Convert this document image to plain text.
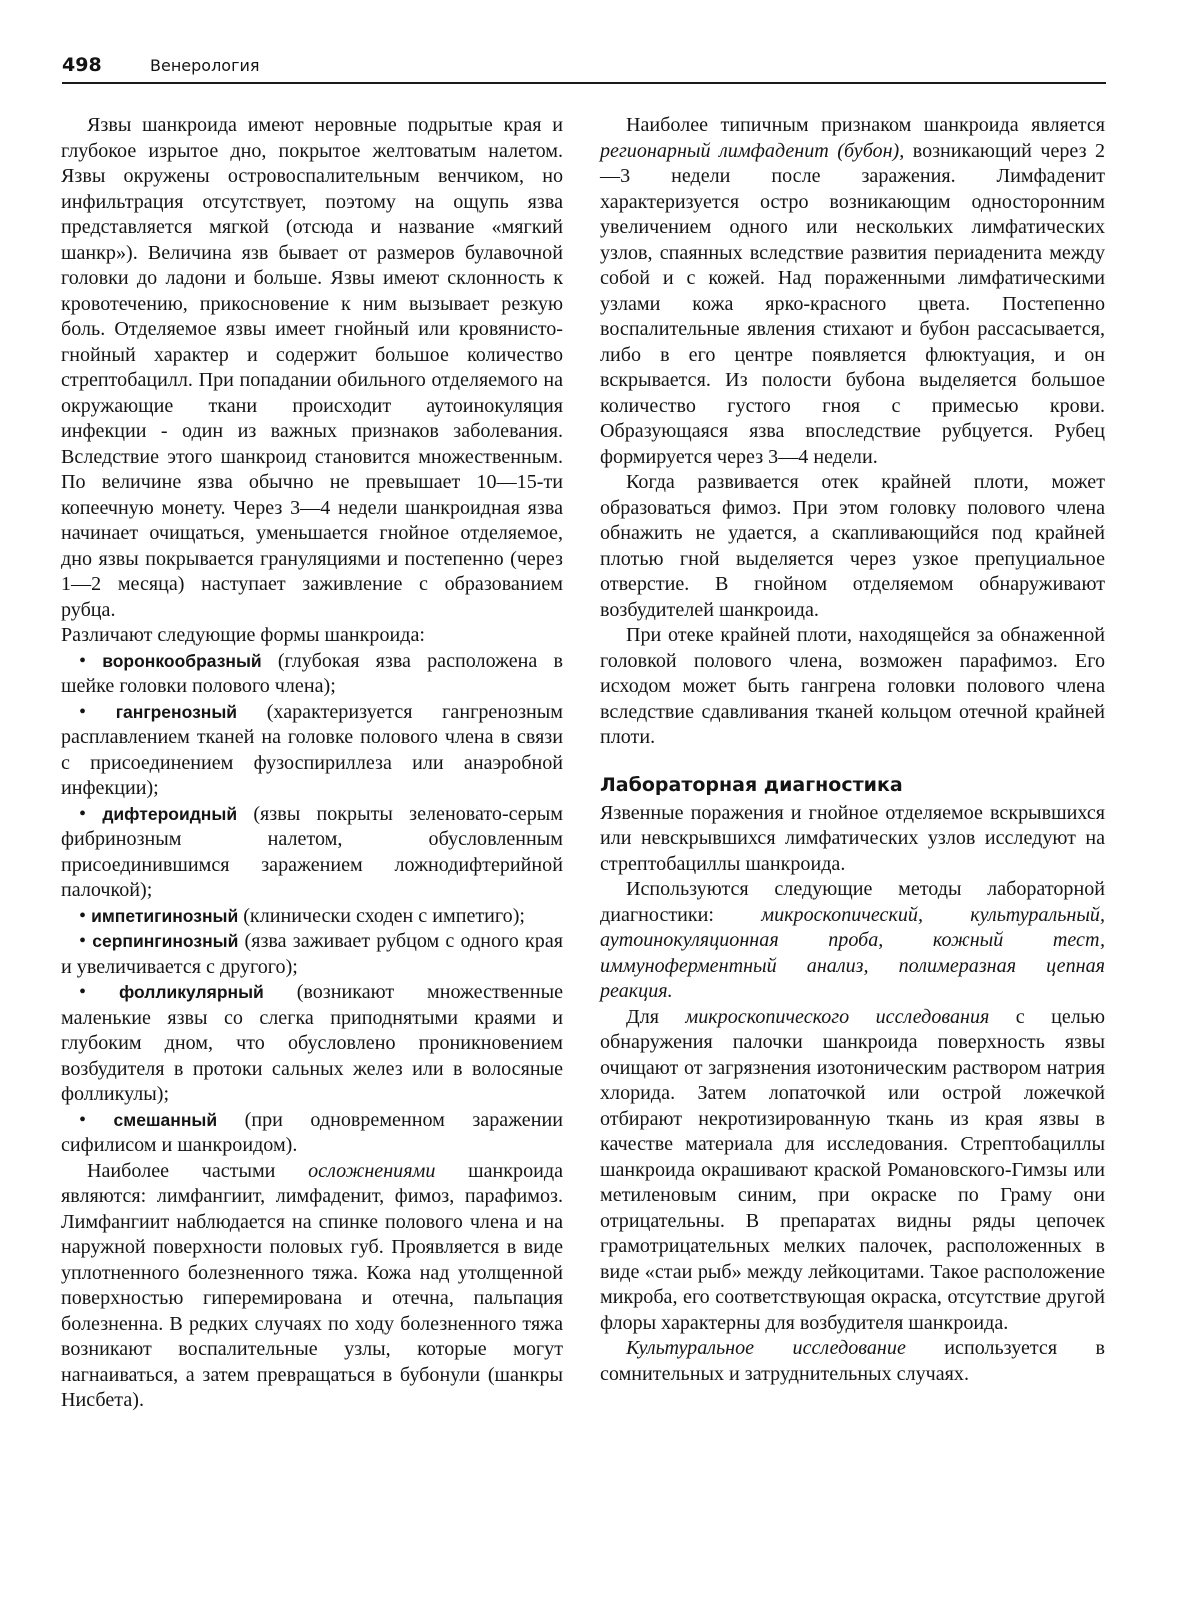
498	Венерология

Язвы шанкроида имеют неровные подрытые края и глубокое изрытое дно, покрытое желтоватым налетом. Язвы окружены островоспалительным венчиком, но инфильтрация отсутствует, поэтому на ощупь язва представляется мягкой (отсюда и название «мягкий шанкр»). Величина язв бывает от размеров булавочной головки до ладони и больше. Язвы имеют склонность к кровотечению, прикосновение к ним вызывает резкую боль. Отделяемое язвы имеет гнойный или кровянисто-гнойный характер и содержит большое количество стрептобацилл. При попадании обильного отделяемого на окружающие ткани происходит аутоинокуляция инфекции - один из важных признаков заболевания. Вследствие этого шанкроид становится множественным. По величине язва обычно не превышает 10—15-ти копеечную монету. Через 3—4 недели шанкроидная язва начинает очищаться, уменьшается гнойное отделяемое, дно язвы покрывается грануляциями и постепенно (через 1—2 месяца) наступает заживление с образованием рубца.

Различают следующие формы шанкроида:

• воронкообразный (глубокая язва расположена в шейке головки полового члена);
• гангренозный (характеризуется гангренозным расплавлением тканей на головке полового члена в связи с присоединением фузоспириллеза или анаэробной инфекции);
• дифтероидный (язвы покрыты зеленовато-серым фибринозным налетом, обусловленным присоединившимся заражением ложнодифтерийной палочкой);
• импетигинозный (клинически сходен с импетиго);
• серпингинозный (язва заживает рубцом с одного края и увеличивается с другого);
• фолликулярный (возникают множественные маленькие язвы со слегка приподнятыми краями и глубоким дном, что обусловлено проникновением возбудителя в протоки сальных желез или в волосяные фолликулы);
• смешанный (при одновременном заражении сифилисом и шанкроидом).

Наиболее частыми осложнениями шанкроида являются: лимфангиит, лимфаденит, фимоз, парафимоз. Лимфангиит наблюдается на спинке полового члена и на наружной поверхности половых губ. Проявляется в виде уплотненного болезненного тяжа. Кожа над утолщенной поверхностью гиперемирована и отечна, пальпация болезненна. В редких случаях по ходу болезненного тяжа возникают воспалительные узлы, которые могут нагнаиваться, а затем превращаться в бубонули (шанкры Нисбета).

Наиболее типичным признаком шанкроида является регионарный лимфаденит (бубон), возникающий через 2—3 недели после заражения. Лимфаденит характеризуется остро возникающим односторонним увеличением одного или нескольких лимфатических узлов, спаянных вследствие развития периаденита между собой и с кожей. Над пораженными лимфатическими узлами кожа ярко-красного цвета. Постепенно воспалительные явления стихают и бубон рассасывается, либо в его центре появляется флюктуация, и он вскрывается. Из полости бубона выделяется большое количество густого гноя с примесью крови. Образующаяся язва впоследствие рубцуется. Рубец формируется через 3—4 недели.

Когда развивается отек крайней плоти, может образоваться фимоз. При этом головку полового члена обнажить не удается, а скапливающийся под крайней плотью гной выделяется через узкое препуциальное отверстие. В гнойном отделяемом обнаруживают возбудителей шанкроида.

При отеке крайней плоти, находящейся за обнаженной головкой полового члена, возможен парафимоз. Его исходом может быть гангрена головки полового члена вследствие сдавливания тканей кольцом отечной крайней плоти.

Лабораторная диагностика

Язвенные поражения и гнойное отделяемое вскрывшихся или невскрывшихся лимфатических узлов исследуют на стрептобациллы шанкроида.

Используются следующие методы лабораторной диагностики: микроскопический, культуральный, аутоинокуляционная проба, кожный тест, иммуноферментный анализ, полимеразная цепная реакция.

Для микроскопического исследования с целью обнаружения палочки шанкроида поверхность язвы очищают от загрязнения изотоническим раствором натрия хлорида. Затем лопаточкой или острой ложечкой отбирают некротизированную ткань из края язвы в качестве материала для исследования. Стрептобациллы шанкроида окрашивают краской Романовского-Гимзы или метиленовым синим, при окраске по Граму они отрицательны. В препаратах видны ряды цепочек грамотрицательных мелких палочек, расположенных в виде «стаи рыб» между лейкоцитами. Такое расположение микроба, его соответствующая окраска, отсутствие другой флоры характерны для возбудителя шанкроида.

Культуральное исследование используется в сомнительных и затруднительных случаях.
